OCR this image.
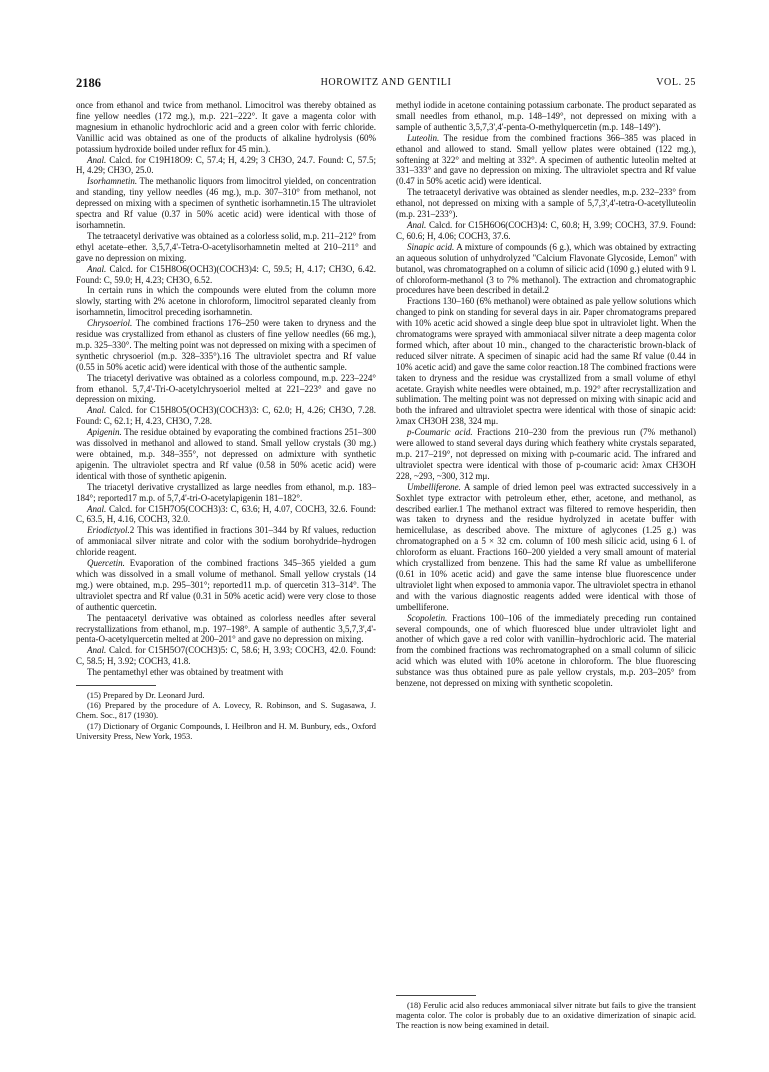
2186	HOROWITZ AND GENTILI	VOL. 25

once from ethanol and twice from methanol. Limocitrol was thereby obtained as fine yellow needles (172 mg.), m.p. 221–222°. It gave a magenta color with magnesium in ethanolic hydrochloric acid and a green color with ferric chloride. Vanillic acid was obtained as one of the products of alkaline hydrolysis (60% potassium hydroxide boiled under reflux for 45 min.).

Anal. Calcd. for C19H18O9: C, 57.4; H, 4.29; 3 CH3O, 24.7. Found: C, 57.5; H, 4.29; CH3O, 25.0.

Isorhamnetin. The methanolic liquors from limocitrol yielded, on concentration and standing, tiny yellow needles (46 mg.), m.p. 307–310° from methanol, not depressed on mixing with a specimen of synthetic isorhamnetin.15 The ultraviolet spectra and Rf value (0.37 in 50% acetic acid) were identical with those of isorhamnetin.

The tetraacetyl derivative was obtained as a colorless solid, m.p. 211–212° from ethyl acetate–ether. 3,5,7,4'-Tetra-O-acetylisorhamnetin melted at 210–211° and gave no depression on mixing.

Anal. Calcd. for C15H8O6(OCH3)(COCH3)4: C, 59.5; H, 4.17; CH3O, 6.42. Found: C, 59.0; H, 4.23; CH3O, 6.52.

In certain runs in which the compounds were eluted from the column more slowly, starting with 2% acetone in chloroform, limocitrol separated cleanly from isorhamnetin, limocitrol preceding isorhamnetin.

Chrysoeriol. The combined fractions 176–250 were taken to dryness and the residue was crystallized from ethanol as clusters of fine yellow needles (66 mg.), m.p. 325–330°. The melting point was not depressed on mixing with a specimen of synthetic chrysoeriol (m.p. 328–335°).16 The ultraviolet spectra and Rf value (0.55 in 50% acetic acid) were identical with those of the authentic sample.

The triacetyl derivative was obtained as a colorless compound, m.p. 223–224° from ethanol. 5,7,4'-Tri-O-acetylchrysoeriol melted at 221–223° and gave no depression on mixing.

Anal. Calcd. for C15H8O5(OCH3)(COCH3)3: C, 62.0; H, 4.26; CH3O, 7.28. Found: C, 62.1; H, 4.23, CH3O, 7.28.

Apigenin. The residue obtained by evaporating the combined fractions 251–300 was dissolved in methanol and allowed to stand. Small yellow crystals (30 mg.) were obtained, m.p. 348–355°, not depressed on admixture with synthetic apigenin. The ultraviolet spectra and Rf value (0.58 in 50% acetic acid) were identical with those of synthetic apigenin.

The triacetyl derivative crystallized as large needles from ethanol, m.p. 183–184°; reported17 m.p. of 5,7,4'-tri-O-acetylapigenin 181–182°.

Anal. Calcd. for C15H7O5(COCH3)3: C, 63.6; H, 4.07, COCH3, 32.6. Found: C, 63.5, H, 4.16, COCH3, 32.0.

Eriodictyol.2 This was identified in fractions 301–344 by Rf values, reduction of ammoniacal silver nitrate and color with the sodium borohydride–hydrogen chloride reagent.

Quercetin. Evaporation of the combined fractions 345–365 yielded a gum which was dissolved in a small volume of methanol. Small yellow crystals (14 mg.) were obtained, m.p. 295–301°; reported11 m.p. of quercetin 313–314°. The ultraviolet spectra and Rf value (0.31 in 50% acetic acid) were very close to those of authentic quercetin.

The pentaacetyl derivative was obtained as colorless needles after several recrystallizations from ethanol, m.p. 197–198°. A sample of authentic 3,5,7,3',4'-penta-O-acetylquercetin melted at 200–201° and gave no depression on mixing.

Anal. Calcd. for C15H5O7(COCH3)5: C, 58.6; H, 3.93; COCH3, 42.0. Found: C, 58.5; H, 3.92; COCH3, 41.8.

The pentamethyl ether was obtained by treatment with

(15) Prepared by Dr. Leonard Jurd.

(16) Prepared by the procedure of A. Lovecy, R. Robinson, and S. Sugasawa, J. Chem. Soc., 817 (1930).

(17) Dictionary of Organic Compounds, I. Heilbron and H. M. Bunbury, eds., Oxford University Press, New York, 1953.

methyl iodide in acetone containing potassium carbonate. The product separated as small needles from ethanol, m.p. 148–149°, not depressed on mixing with a sample of authentic 3,5,7,3',4'-penta-O-methylquercetin (m.p. 148–149°).

Luteolin. The residue from the combined fractions 366–385 was placed in ethanol and allowed to stand. Small yellow plates were obtained (122 mg.), softening at 322° and melting at 332°. A specimen of authentic luteolin melted at 331–333° and gave no depression on mixing. The ultraviolet spectra and Rf value (0.47 in 50% acetic acid) were identical.

The tetraacetyl derivative was obtained as slender needles, m.p. 232–233° from ethanol, not depressed on mixing with a sample of 5,7,3',4'-tetra-O-acetylluteolin (m.p. 231–233°).

Anal. Calcd. for C15H6O6(COCH3)4: C, 60.8; H, 3.99; COCH3, 37.9. Found: C, 60.6; H, 4.06; COCH3, 37.6.

Sinapic acid. A mixture of compounds (6 g.), which was obtained by extracting an aqueous solution of unhydrolyzed "Calcium Flavonate Glycoside, Lemon" with butanol, was chromatographed on a column of silicic acid (1090 g.) eluted with 9 l. of chloroform-methanol (3 to 7% methanol). The extraction and chromatographic procedures have been described in detail.2

Fractions 130–160 (6% methanol) were obtained as pale yellow solutions which changed to pink on standing for several days in air. Paper chromatograms prepared with 10% acetic acid showed a single deep blue spot in ultraviolet light. When the chromatograms were sprayed with ammoniacal silver nitrate a deep magenta color formed which, after about 10 min., changed to the characteristic brown-black of reduced silver nitrate. A specimen of sinapic acid had the same Rf value (0.44 in 10% acetic acid) and gave the same color reaction.18 The combined fractions were taken to dryness and the residue was crystallized from a small volume of ethyl acetate. Grayish white needles were obtained, m.p. 192° after recrystallization and sublimation. The melting point was not depressed on mixing with sinapic acid and both the infrared and ultraviolet spectra were identical with those of sinapic acid: λmax CH3OH 238, 324 mμ.

p-Coumaric acid. Fractions 210–230 from the previous run (7% methanol) were allowed to stand several days during which feathery white crystals separated, m.p. 217–219°, not depressed on mixing with p-coumaric acid. The infrared and ultraviolet spectra were identical with those of p-coumaric acid: λmax CH3OH 228, ~293, ~300, 312 mμ.

Umbelliferone. A sample of dried lemon peel was extracted successively in a Soxhlet type extractor with petroleum ether, ether, acetone, and methanol, as described earlier.1 The methanol extract was filtered to remove hesperidin, then was taken to dryness and the residue hydrolyzed in acetate buffer with hemicellulase, as described above. The mixture of aglycones (1.25 g.) was chromatographed on a 5 × 32 cm. column of 100 mesh silicic acid, using 6 l. of chloroform as eluant. Fractions 160–200 yielded a very small amount of material which crystallized from benzene. This had the same Rf value as umbelliferone (0.61 in 10% acetic acid) and gave the same intense blue fluorescence under ultraviolet light when exposed to ammonia vapor. The ultraviolet spectra in ethanol and with the various diagnostic reagents added were identical with those of umbelliferone.

Scopoletin. Fractions 100–106 of the immediately preceding run contained several compounds, one of which fluoresced blue under ultraviolet light and another of which gave a red color with vanillin–hydrochloric acid. The material from the combined fractions was rechromatographed on a small column of silicic acid which was eluted with 10% acetone in chloroform. The blue fluorescing substance was thus obtained pure as pale yellow crystals, m.p. 203–205° from benzene, not depressed on mixing with synthetic scopoletin.

(18) Ferulic acid also reduces ammoniacal silver nitrate but fails to give the transient magenta color. The color is probably due to an oxidative dimerization of sinapic acid. The reaction is now being examined in detail.
